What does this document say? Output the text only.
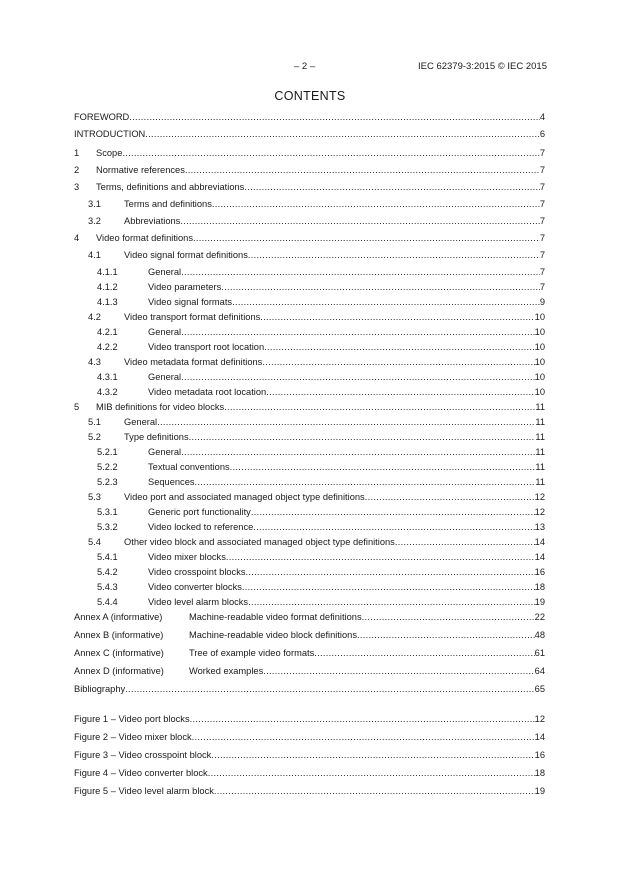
– 2 –	IEC 62379-3:2015 © IEC 2015
CONTENTS
FOREWORD .....	4
INTRODUCTION .....	6
1	Scope .....	7
2	Normative references .....	7
3	Terms, definitions and abbreviations .....	7
3.1	Terms and definitions .....	7
3.2	Abbreviations .....	7
4	Video format definitions .....	7
4.1	Video signal format definitions .....	7
4.1.1	General .....	7
4.1.2	Video parameters .....	7
4.1.3	Video signal formats .....	9
4.2	Video transport format definitions .....	10
4.2.1	General .....	10
4.2.2	Video transport root location .....	10
4.3	Video metadata format definitions .....	10
4.3.1	General .....	10
4.3.2	Video metadata root location .....	10
5	MIB definitions for video blocks .....	11
5.1	General .....	11
5.2	Type definitions .....	11
5.2.1	General .....	11
5.2.2	Textual conventions .....	11
5.2.3	Sequences .....	11
5.3	Video port and associated managed object type definitions .....	12
5.3.1	Generic port functionality .....	12
5.3.2	Video locked to reference .....	13
5.4	Other video block and associated managed object type definitions .....	14
5.4.1	Video mixer blocks .....	14
5.4.2	Video crosspoint blocks .....	16
5.4.3	Video converter blocks .....	18
5.4.4	Video level alarm blocks .....	19
Annex A (informative)	Machine-readable video format definitions .....	22
Annex B (informative)	Machine-readable video block definitions .....	48
Annex C (informative)	Tree of example video formats .....	61
Annex D (informative)	Worked examples .....	64
Bibliography .....	65
Figure 1 – Video port blocks .....	12
Figure 2 – Video mixer block .....	14
Figure 3 – Video crosspoint block .....	16
Figure 4 – Video converter block .....	18
Figure 5 – Video level alarm block .....	19
